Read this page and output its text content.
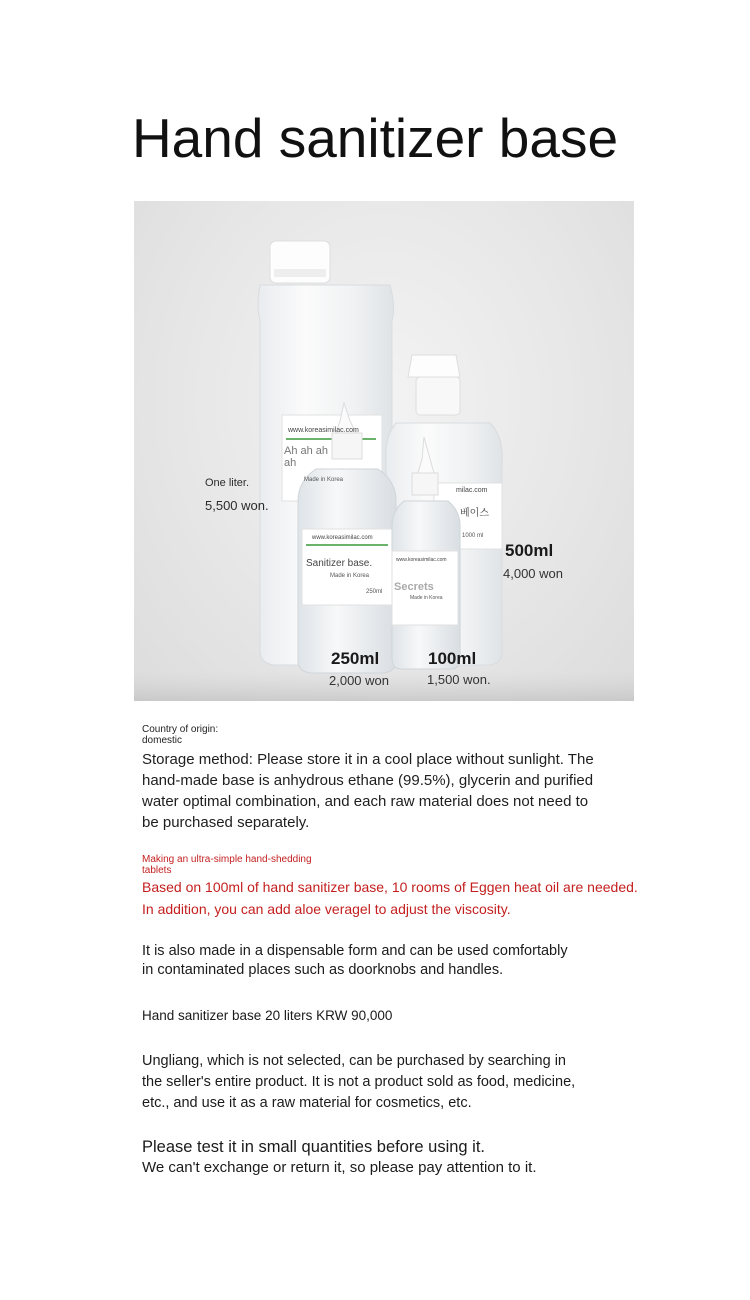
Hand sanitizer base
www.koreasimilac.com
Ah ah ah
ah
Made in Korea
www.koreasimilac.com
Sanitizer base.
Made in Korea
250ml
milac.com
베이스
1000 ml
www.koreasimilac.com
Secrets
Made in Korea
One liter.
5,500 won.
500ml
4,000 won
250ml
2,000 won
100ml
1,500 won.
Country of origin:
domestic
Storage method: Please store it in a cool place without sunlight. The
hand-made base is anhydrous ethane (99.5%), glycerin and purified
water optimal combination, and each raw material does not need to
be purchased separately.
Making an ultra-simple hand-shedding
tablets
Based on 100ml of hand sanitizer base, 10 rooms of Eggen heat oil are needed.
In addition, you can add aloe veragel to adjust the viscosity.
It is also made in a dispensable form and can be used comfortably
in contaminated places such as doorknobs and handles.
Hand sanitizer base 20 liters KRW 90,000
Ungliang, which is not selected, can be purchased by searching in
the seller's entire product. It is not a product sold as food, medicine,
etc., and use it as a raw material for cosmetics, etc.
Please test it in small quantities before using it.
We can't exchange or return it, so please pay attention to it.
